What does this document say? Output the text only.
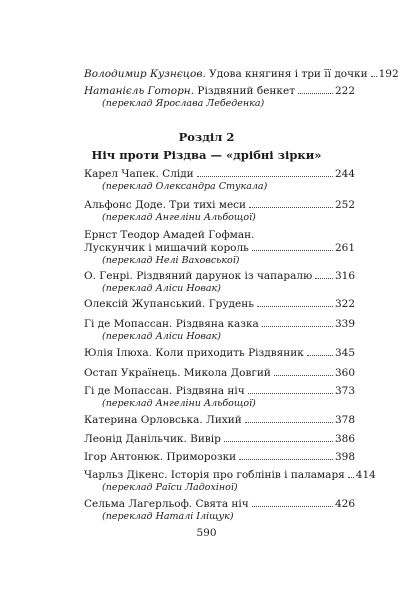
Володимир Кузнєцов. Удова княгиня і три її дочки 192
Натанієль Готорн. Різдвяний бенкет	222
(переклад Ярослава Лебеденка)
Розділ 2
Ніч проти Різдва — «дрібні зірки»
Карел Чапек. Сліди	244
(переклад Олександра Стукала)
Альфонс Доде. Три тихі меси	252
(переклад Ангеліни Альбощої)
Ернст Теодор Амадей Гофман.
Лускунчик і мишачий король	261
(переклад Нелі Ваховської)
О. Генрі. Різдвяний дарунок із чапаралю 316
(переклад Аліси Новак)
Олексій Жупанський. Грудень	322
Гі де Мопассан. Різдвяна казка	339
(переклад Аліси Новак)
Юлія Ілюха. Коли приходить Різдвяник	345
Остап Українець. Микола Довгий	360
Гі де Мопассан. Різдвяна ніч	373
(переклад Ангеліни Альбощої)
Катерина Орловська. Лихий	378
Леонід Данільчик. Вивір	386
Ігор Антонюк. Приморозки	398
Чарльз Дікенс. Історія про гоблінів і паламаря 414
(переклад Раїси Ладохіної)
Сельма Лагерльоф. Свята ніч	426
(переклад Наталі Іліщук)
590
